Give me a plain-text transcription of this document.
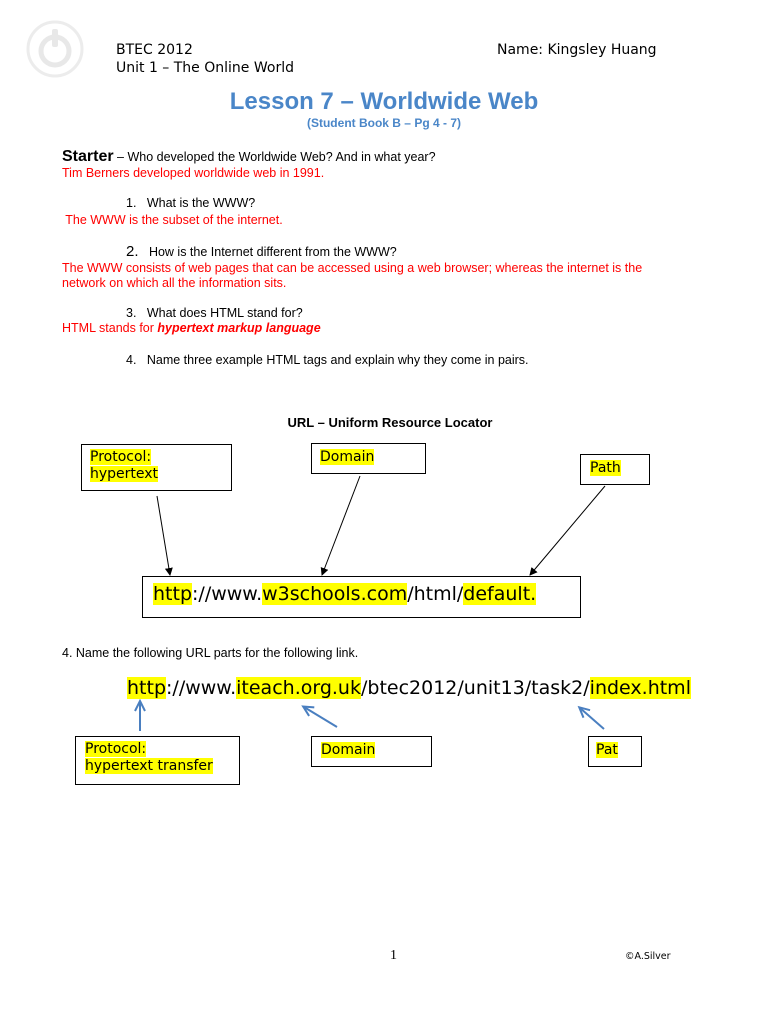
BTEC 2012
Unit 1 – The Online World
Name: Kingsley Huang
Lesson 7 – Worldwide Web
(Student Book B – Pg 4 - 7)
Starter – Who developed the Worldwide Web? And in what year?
Tim Berners developed worldwide web in 1991.
1. What is the WWW?
The WWW is the subset of the internet.
2. How is the Internet different from the WWW?
The WWW consists of web pages that can be accessed using a web browser; whereas the internet is the
network on which all the information sits.
3. What does HTML stand for?
HTML stands for hypertext markup language
4. Name three example HTML tags and explain why they come in pairs.
URL – Uniform Resource Locator
Protocol:
hypertext
Domain
Path
http://www.w3schools.com/html/default.
4. Name the following URL parts for the following link.
http://www.iteach.org.uk/btec2012/unit13/task2/index.html
Protocol:
hypertext transfer
Domain	Pat
1	©A.Silver
